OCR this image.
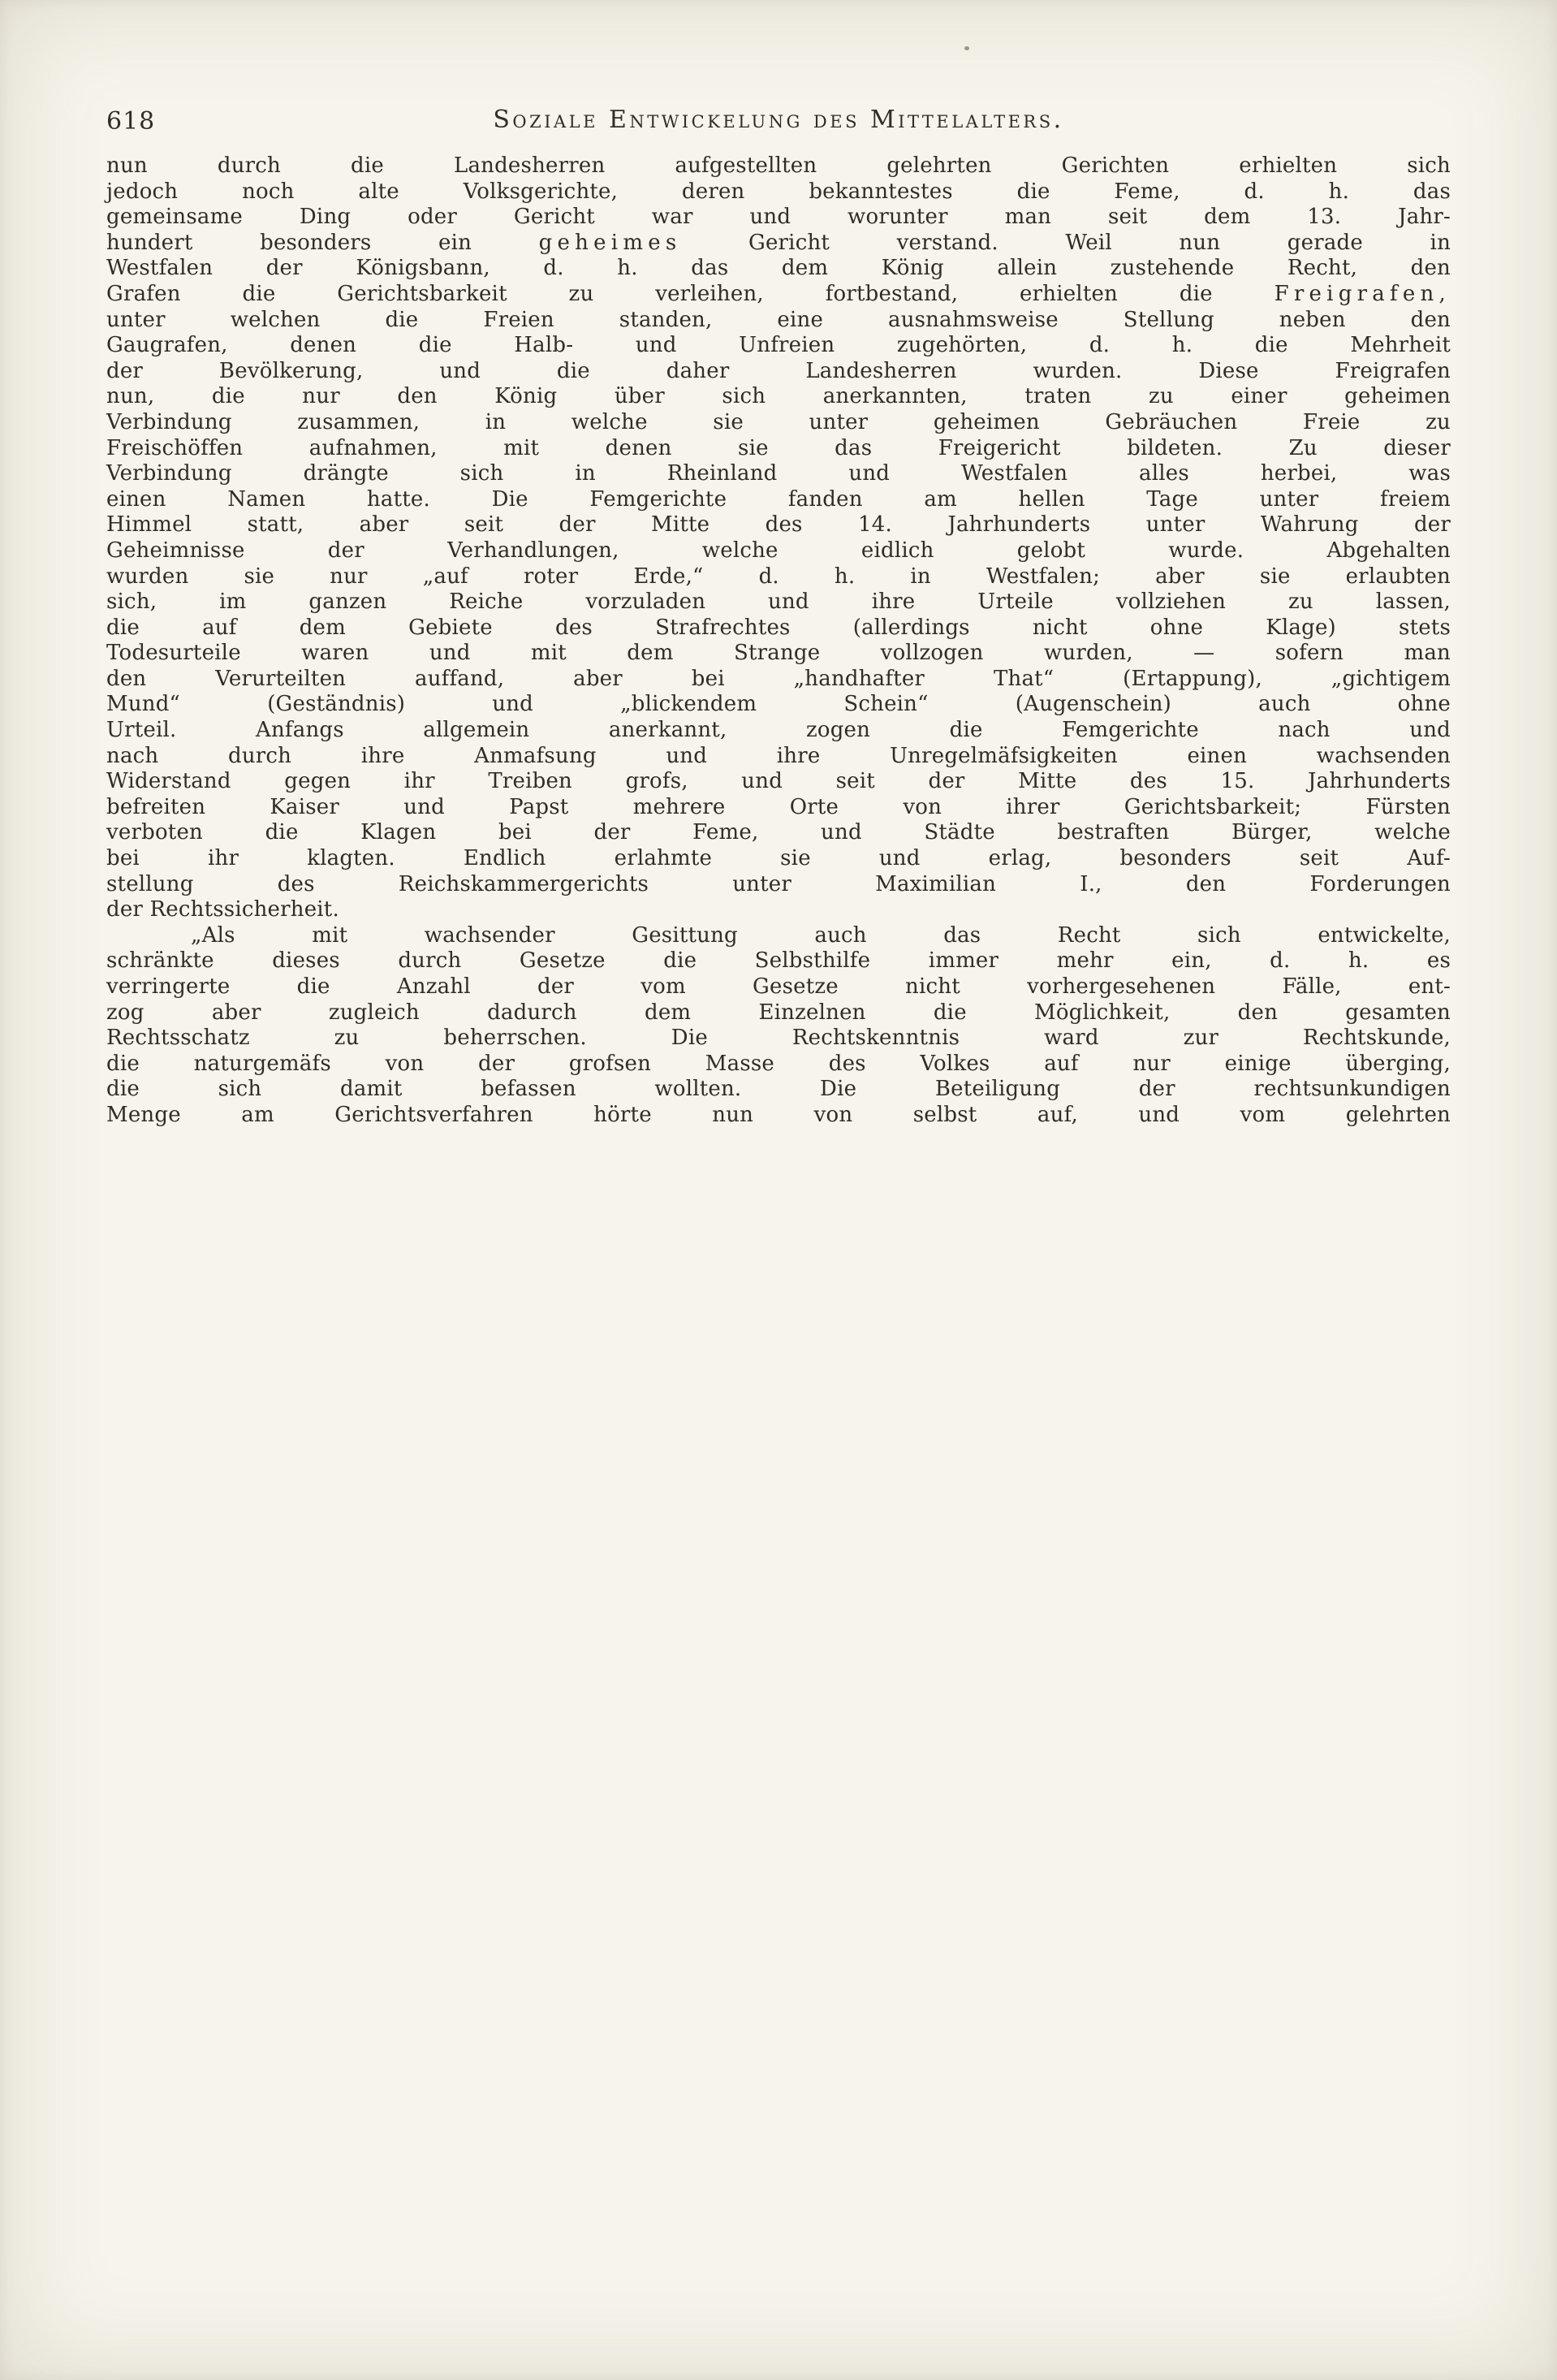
618	Soziale Entwickelung des Mittelalters.
nun durch die Landesherren aufgestellten gelehrten Gerichten erhielten sich
jedoch noch alte Volksgerichte, deren bekanntestes die Feme, d. h. das
gemeinsame Ding oder Gericht war und worunter man seit dem 13. Jahr-
hundert besonders ein geheimes Gericht verstand. Weil nun gerade in
Westfalen der Königsbann, d. h. das dem König allein zustehende Recht, den
Grafen die Gerichtsbarkeit zu verleihen, fortbestand, erhielten die Freigrafen,
unter welchen die Freien standen, eine ausnahmsweise Stellung neben den
Gaugrafen, denen die Halb- und Unfreien zugehörten, d. h. die Mehrheit
der Bevölkerung, und die daher Landesherren wurden. Diese Freigrafen
nun, die nur den König über sich anerkannten, traten zu einer geheimen
Verbindung zusammen, in welche sie unter geheimen Gebräuchen Freie zu
Freischöffen aufnahmen, mit denen sie das Freigericht bildeten. Zu dieser
Verbindung drängte sich in Rheinland und Westfalen alles herbei, was
einen Namen hatte. Die Femgerichte fanden am hellen Tage unter freiem
Himmel statt, aber seit der Mitte des 14. Jahrhunderts unter Wahrung der
Geheimnisse der Verhandlungen, welche eidlich gelobt wurde. Abgehalten
wurden sie nur „auf roter Erde,“ d. h. in Westfalen; aber sie erlaubten
sich, im ganzen Reiche vorzuladen und ihre Urteile vollziehen zu lassen,
die auf dem Gebiete des Strafrechtes (allerdings nicht ohne Klage) stets
Todesurteile waren und mit dem Strange vollzogen wurden, — sofern man
den Verurteilten auffand, aber bei „handhafter That“ (Ertappung), „gichtigem
Mund“ (Geständnis) und „blickendem Schein“ (Augenschein) auch ohne
Urteil. Anfangs allgemein anerkannt, zogen die Femgerichte nach und
nach durch ihre Anmafsung und ihre Unregelmäfsigkeiten einen wachsenden
Widerstand gegen ihr Treiben grofs, und seit der Mitte des 15. Jahrhunderts
befreiten Kaiser und Papst mehrere Orte von ihrer Gerichtsbarkeit; Fürsten
verboten die Klagen bei der Feme, und Städte bestraften Bürger, welche
bei ihr klagten. Endlich erlahmte sie und erlag, besonders seit Auf-
stellung des Reichskammergerichts unter Maximilian I., den Forderungen
der Rechtssicherheit.
„Als mit wachsender Gesittung auch das Recht sich entwickelte,
schränkte dieses durch Gesetze die Selbsthilfe immer mehr ein, d. h. es
verringerte die Anzahl der vom Gesetze nicht vorhergesehenen Fälle, ent-
zog aber zugleich dadurch dem Einzelnen die Möglichkeit, den gesamten
Rechtsschatz zu beherrschen. Die Rechtskenntnis ward zur Rechtskunde,
die naturgemäfs von der grofsen Masse des Volkes auf nur einige überging,
die sich damit befassen wollten. Die Beteiligung der rechtsunkundigen
Menge am Gerichtsverfahren hörte nun von selbst auf, und vom gelehrten
